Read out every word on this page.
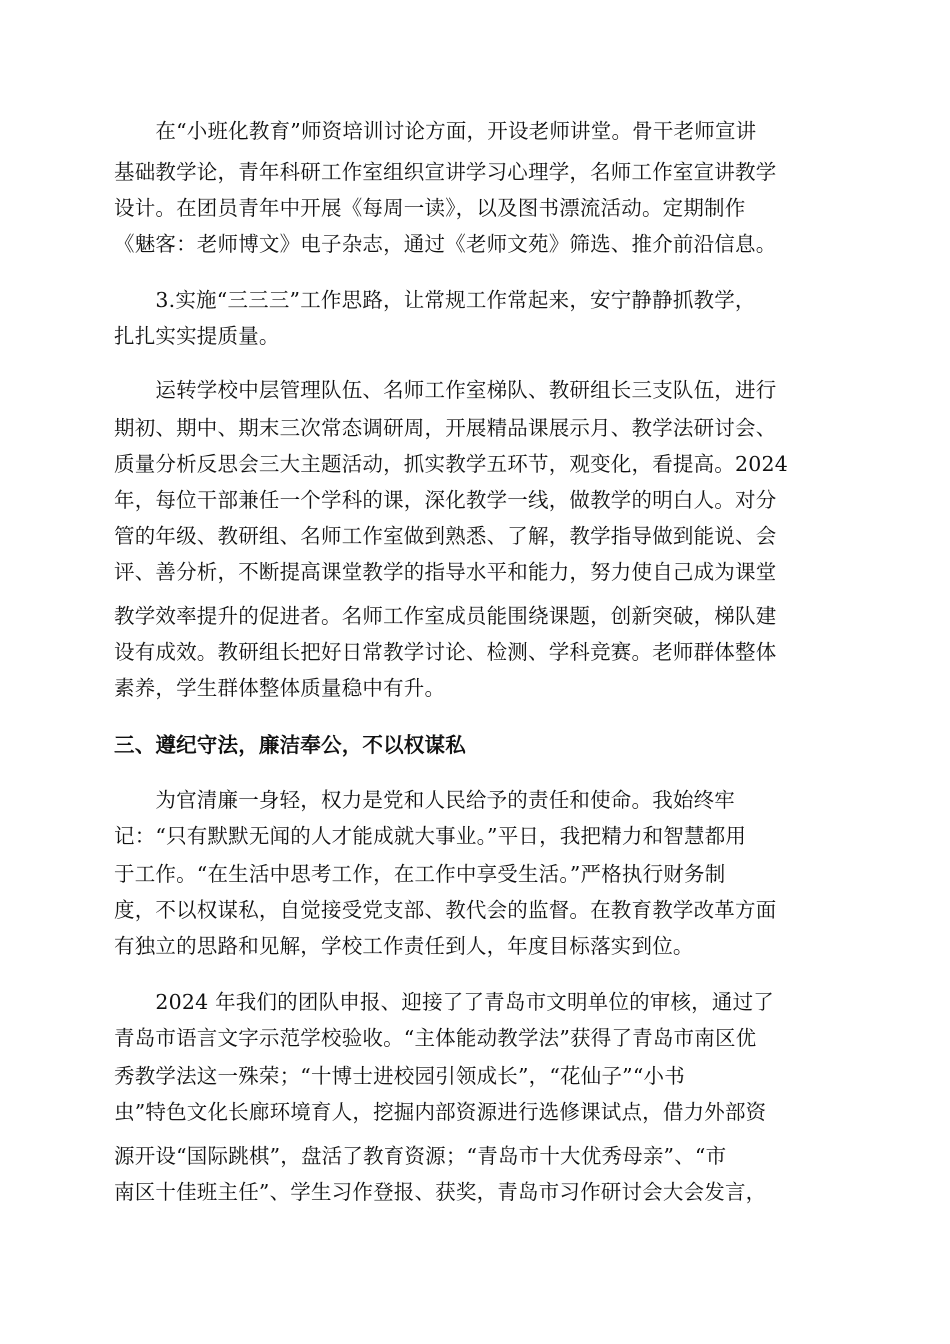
　　在“小班化教育”师资培训讨论方面，开设老师讲堂。骨干老师宣讲
基础教学论，青年科研工作室组织宣讲学习心理学，名师工作室宣讲教学
设计。在团员青年中开展《每周一读》，以及图书漂流活动。定期制作
《魅客：老师博文》电子杂志，通过《老师文苑》筛选、推介前沿信息。
　　3.实施“三三三”工作思路，让常规工作常起来，安宁静静抓教学，
扎扎实实提质量。
　　运转学校中层管理队伍、名师工作室梯队、教研组长三支队伍，进行
期初、期中、期末三次常态调研周，开展精品课展示月、教学法研讨会、
质量分析反思会三大主题活动，抓实教学五环节，观变化，看提高。2024
年，每位干部兼任一个学科的课，深化教学一线，做教学的明白人。对分
管的年级、教研组、名师工作室做到熟悉、了解，教学指导做到能说、会
评、善分析，不断提高课堂教学的指导水平和能力，努力使自己成为课堂
教学效率提升的促进者。名师工作室成员能围绕课题，创新突破，梯队建
设有成效。教研组长把好日常教学讨论、检测、学科竞赛。老师群体整体
素养，学生群体整体质量稳中有升。
三、遵纪守法，廉洁奉公，不以权谋私
　　为官清廉一身轻，权力是党和人民给予的责任和使命。我始终牢
记：“只有默默无闻的人才能成就大事业。”平日，我把精力和智慧都用
于工作。“在生活中思考工作，在工作中享受生活。”严格执行财务制
度，不以权谋私，自觉接受党支部、教代会的监督。在教育教学改革方面
有独立的思路和见解，学校工作责任到人，年度目标落实到位。
　　2024 年我们的团队申报、迎接了了青岛市文明单位的审核，通过了
青岛市语言文字示范学校验收。“主体能动教学法”获得了青岛市南区优
秀教学法这一殊荣；“十博士进校园引领成长”，“花仙子”“小书
虫”特色文化长廊环境育人，挖掘内部资源进行选修课试点，借力外部资
源开设“国际跳棋”，盘活了教育资源；“青岛市十大优秀母亲”、“市
南区十佳班主任”、学生习作登报、获奖，青岛市习作研讨会大会发言，
